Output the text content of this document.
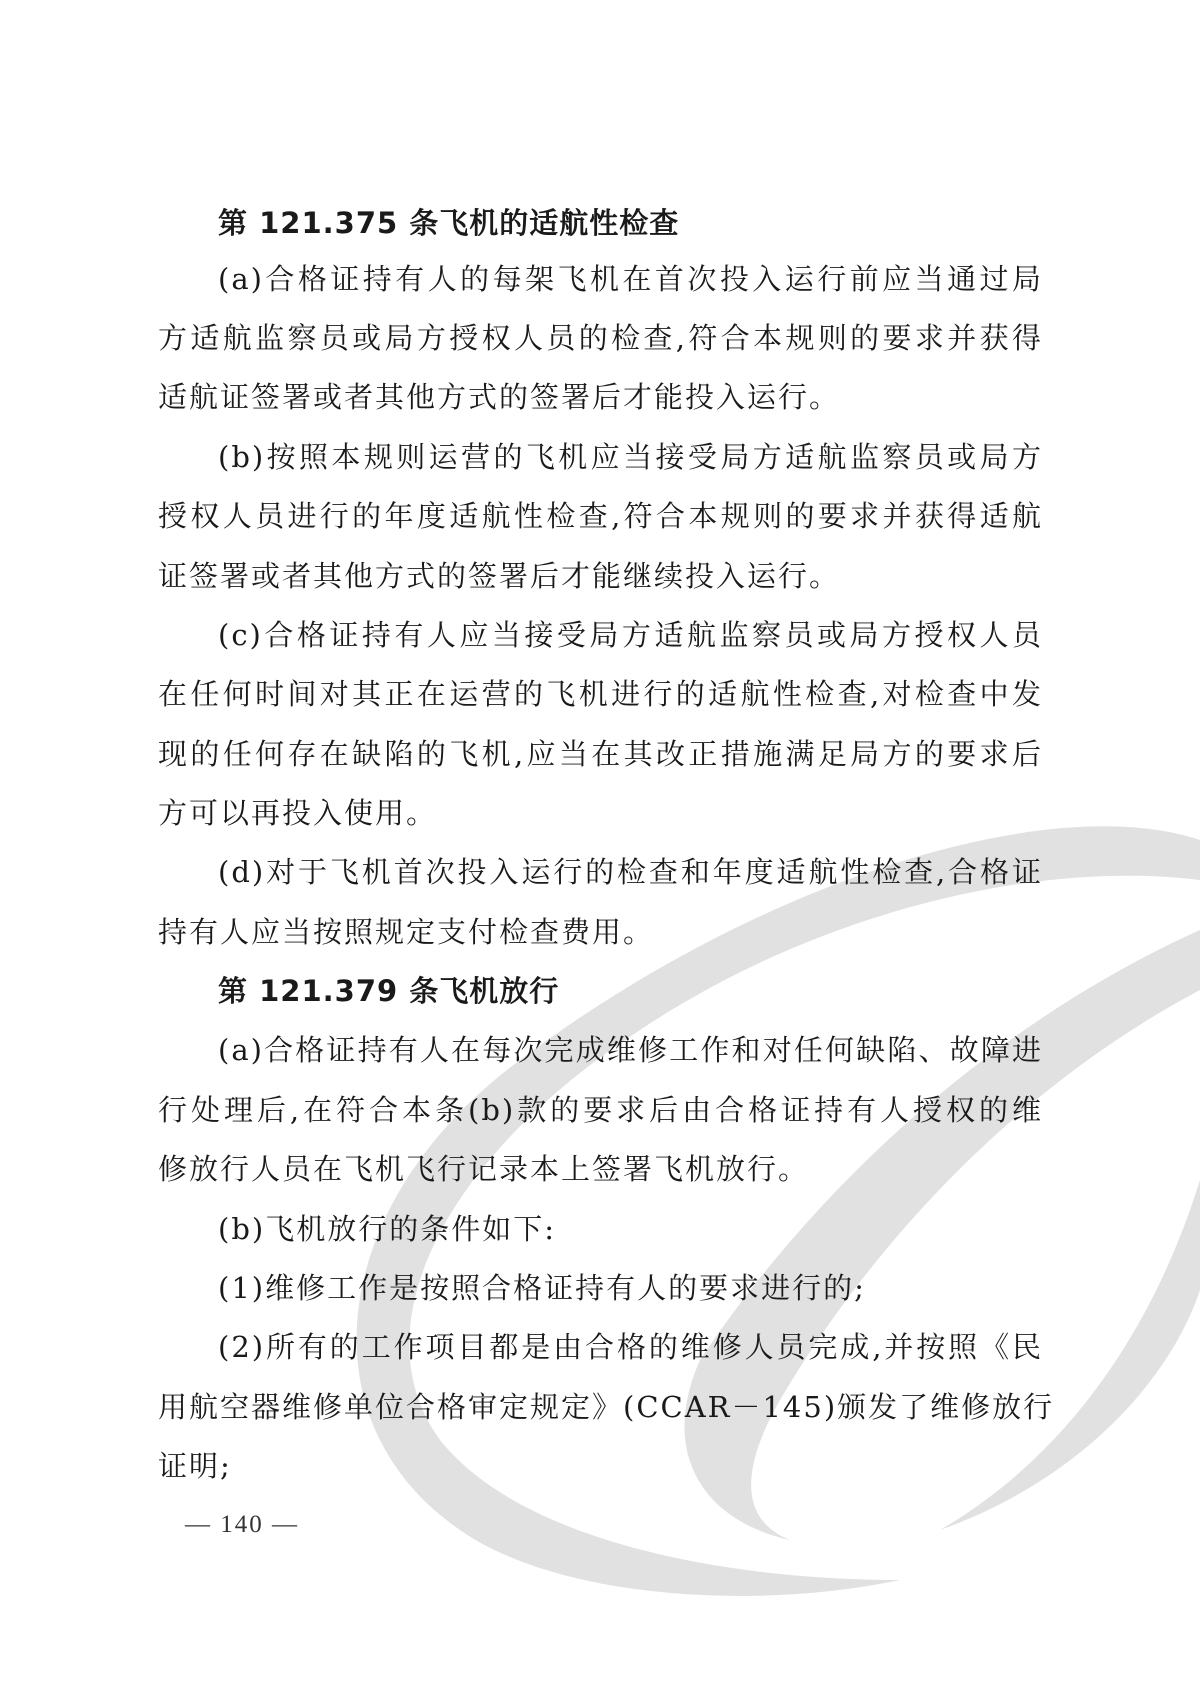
第 121.375 条飞机的适航性检查
(a)合格证持有人的每架飞机在首次投入运行前应当通过局
方适航监察员或局方授权人员的检查,符合本规则的要求并获得
适航证签署或者其他方式的签署后才能投入运行。
(b)按照本规则运营的飞机应当接受局方适航监察员或局方
授权人员进行的年度适航性检查,符合本规则的要求并获得适航
证签署或者其他方式的签署后才能继续投入运行。
(c)合格证持有人应当接受局方适航监察员或局方授权人员
在任何时间对其正在运营的飞机进行的适航性检查,对检查中发
现的任何存在缺陷的飞机,应当在其改正措施满足局方的要求后
方可以再投入使用。
(d)对于飞机首次投入运行的检查和年度适航性检查,合格证
持有人应当按照规定支付检查费用。
第 121.379 条飞机放行
(a)合格证持有人在每次完成维修工作和对任何缺陷、故障进
行处理后,在符合本条(b)款的要求后由合格证持有人授权的维
修放行人员在飞机飞行记录本上签署飞机放行。
(b)飞机放行的条件如下:
(1)维修工作是按照合格证持有人的要求进行的;
(2)所有的工作项目都是由合格的维修人员完成,并按照《民
用航空器维修单位合格审定规定》(CCAR－145)颁发了维修放行
证明;
— 140 —
